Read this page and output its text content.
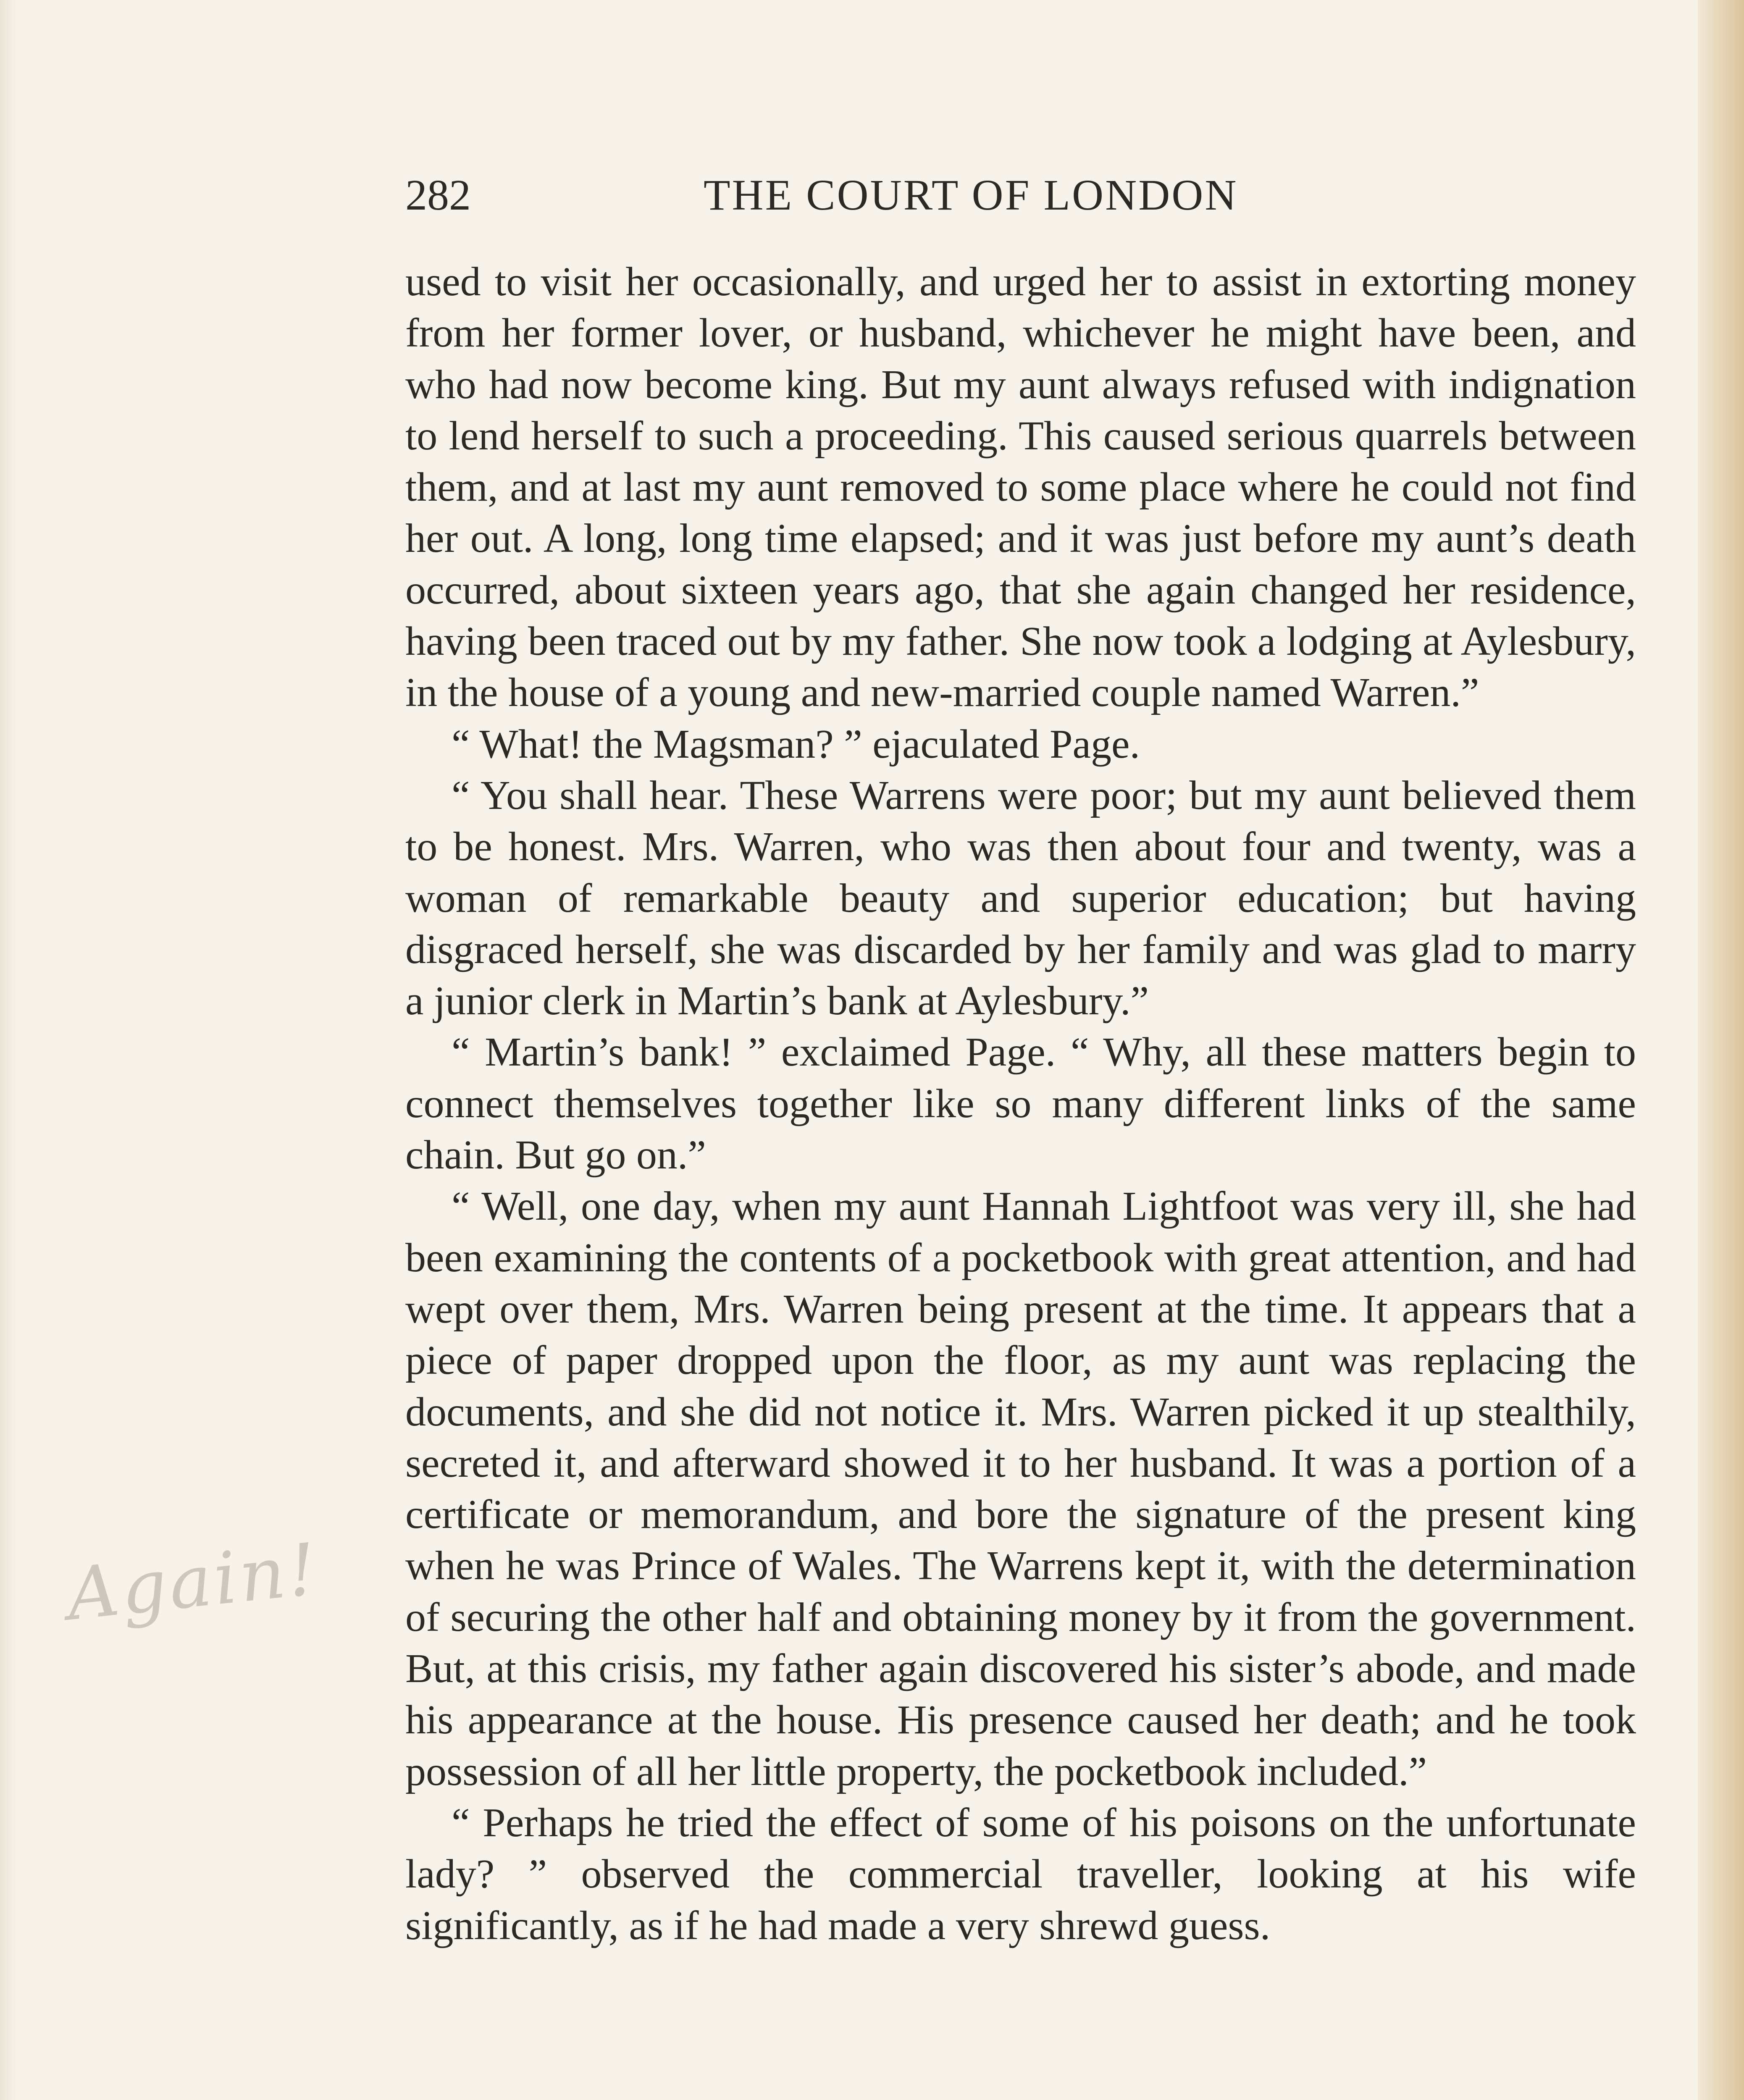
282	THE COURT OF LONDON

used to visit her occasionally, and urged her to assist in extorting money from her former lover, or husband, whichever he might have been, and who had now become king. But my aunt always refused with indignation to lend herself to such a proceeding. This caused serious quarrels between them, and at last my aunt removed to some place where he could not find her out. A long, long time elapsed; and it was just before my aunt’s death occurred, about sixteen years ago, that she again changed her residence, having been traced out by my father. She now took a lodging at Aylesbury, in the house of a young and new-married couple named Warren.”

“ What! the Magsman? ” ejaculated Page.

“ You shall hear. These Warrens were poor; but my aunt believed them to be honest. Mrs. Warren, who was then about four and twenty, was a woman of remarkable beauty and superior education; but having disgraced herself, she was discarded by her family and was glad to marry a junior clerk in Martin’s bank at Aylesbury.”

“ Martin’s bank! ” exclaimed Page. “ Why, all these matters begin to connect themselves together like so many different links of the same chain. But go on.”

“ Well, one day, when my aunt Hannah Lightfoot was very ill, she had been examining the contents of a pocketbook with great attention, and had wept over them, Mrs. Warren being present at the time. It appears that a piece of paper dropped upon the floor, as my aunt was replacing the documents, and she did not notice it. Mrs. Warren picked it up stealthily, secreted it, and afterward showed it to her husband. It was a portion of a certificate or memorandum, and bore the signature of the present king when he was Prince of Wales. The Warrens kept it, with the determination of securing the other half and obtaining money by it from the government. But, at this crisis, my father again discovered his sister’s abode, and made his appearance at the house. His presence caused her death; and he took possession of all her little property, the pocketbook included.”

“ Perhaps he tried the effect of some of his poisons on the unfortunate lady? ” observed the commercial traveller, looking at his wife significantly, as if he had made a very shrewd guess.

Again!
